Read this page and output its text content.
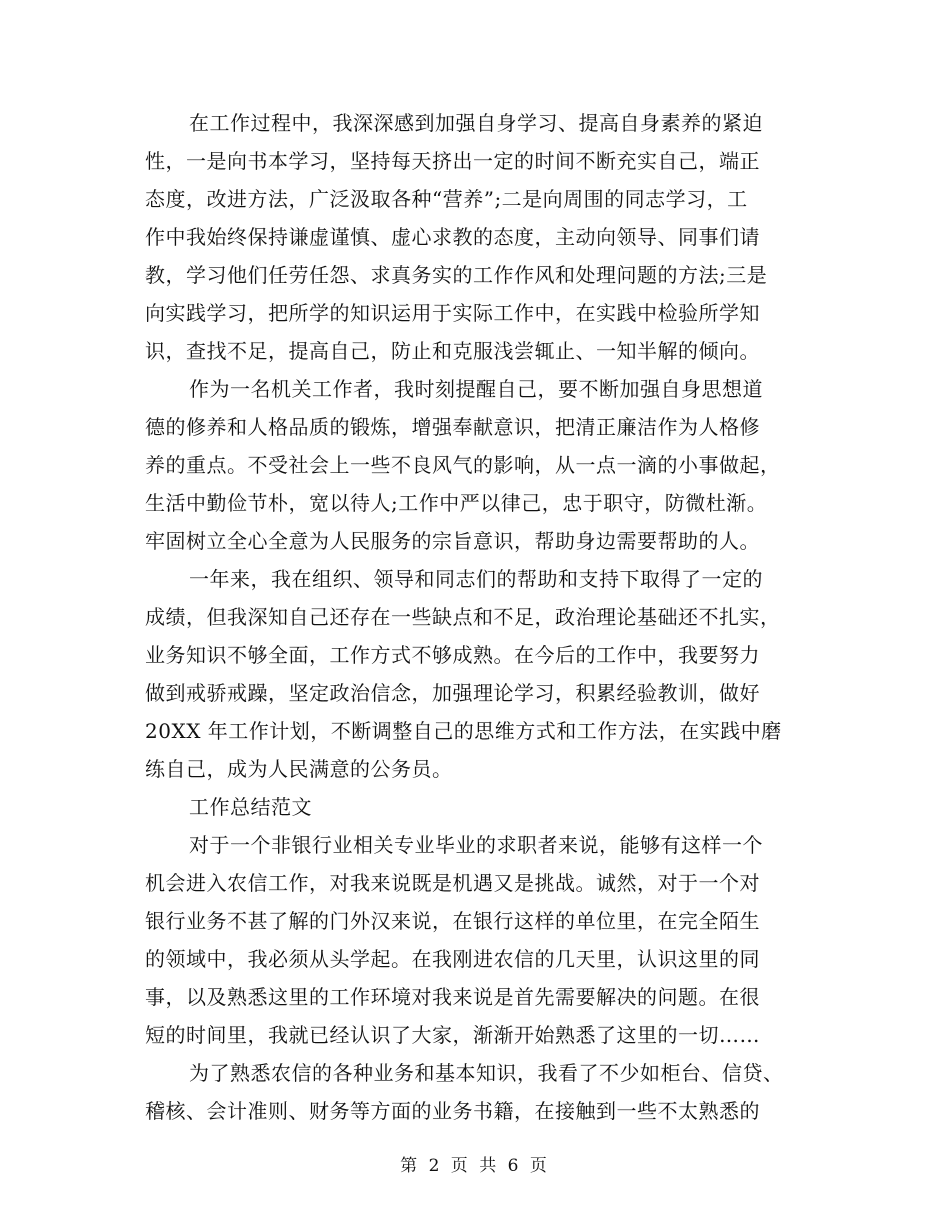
在工作过程中，我深深感到加强自身学习、提高自身素养的紧迫
性，一是向书本学习，坚持每天挤出一定的时间不断充实自己，端正
态度，改进方法，广泛汲取各种“营养”;二是向周围的同志学习，工
作中我始终保持谦虚谨慎、虚心求教的态度，主动向领导、同事们请
教，学习他们任劳任怨、求真务实的工作作风和处理问题的方法;三是
向实践学习，把所学的知识运用于实际工作中，在实践中检验所学知
识，查找不足，提高自己，防止和克服浅尝辄止、一知半解的倾向。
作为一名机关工作者，我时刻提醒自己，要不断加强自身思想道
德的修养和人格品质的锻炼，增强奉献意识，把清正廉洁作为人格修
养的重点。不受社会上一些不良风气的影响，从一点一滴的小事做起，
生活中勤俭节朴，宽以待人;工作中严以律己，忠于职守，防微杜渐。
牢固树立全心全意为人民服务的宗旨意识，帮助身边需要帮助的人。
一年来，我在组织、领导和同志们的帮助和支持下取得了一定的
成绩，但我深知自己还存在一些缺点和不足，政治理论基础还不扎实，
业务知识不够全面，工作方式不够成熟。在今后的工作中，我要努力
做到戒骄戒躁，坚定政治信念，加强理论学习，积累经验教训，做好
20XX 年工作计划，不断调整自己的思维方式和工作方法，在实践中磨
练自己，成为人民满意的公务员。
工作总结范文
对于一个非银行业相关专业毕业的求职者来说，能够有这样一个
机会进入农信工作，对我来说既是机遇又是挑战。诚然，对于一个对
银行业务不甚了解的门外汉来说，在银行这样的单位里，在完全陌生
的领域中，我必须从头学起。在我刚进农信的几天里，认识这里的同
事，以及熟悉这里的工作环境对我来说是首先需要解决的问题。在很
短的时间里，我就已经认识了大家，渐渐开始熟悉了这里的一切……
为了熟悉农信的各种业务和基本知识，我看了不少如柜台、信贷、
稽核、会计准则、财务等方面的业务书籍，在接触到一些不太熟悉的
第 2 页 共 6 页
